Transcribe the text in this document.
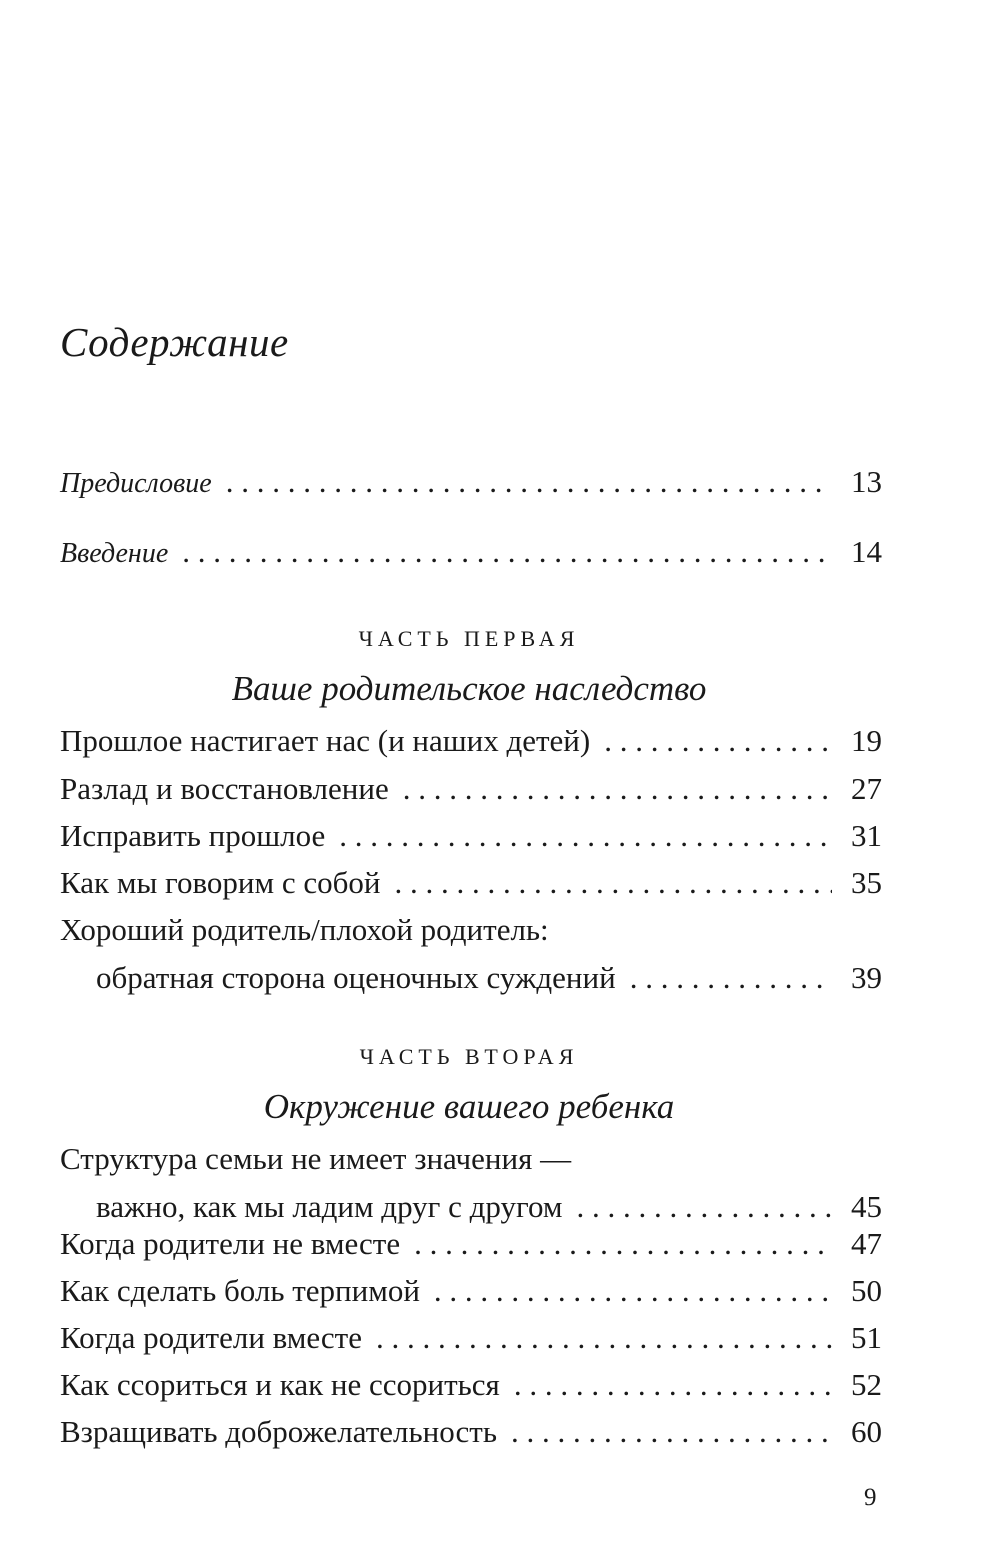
Содержание
Предисловие . . .	13
Введение . . .	14
ЧАСТЬ ПЕРВАЯ
Ваше родительское наследство
Прошлое настигает нас (и наших детей) . . .	19
Разлад и восстановление . . .	27
Исправить прошлое . . .	31
Как мы говорим с собой . . .	35
Хороший родитель/плохой родитель:
обратная сторона оценочных суждений . . .	39
ЧАСТЬ ВТОРАЯ
Окружение вашего ребенка
Структура семьи не имеет значения —
важно, как мы ладим друг с другом . . .	45
Когда родители не вместе . . .	47
Как сделать боль терпимой . . .	50
Когда родители вместе . . .	51
Как ссориться и как не ссориться . . .	52
Взращивать доброжелательность . . .	60
9
